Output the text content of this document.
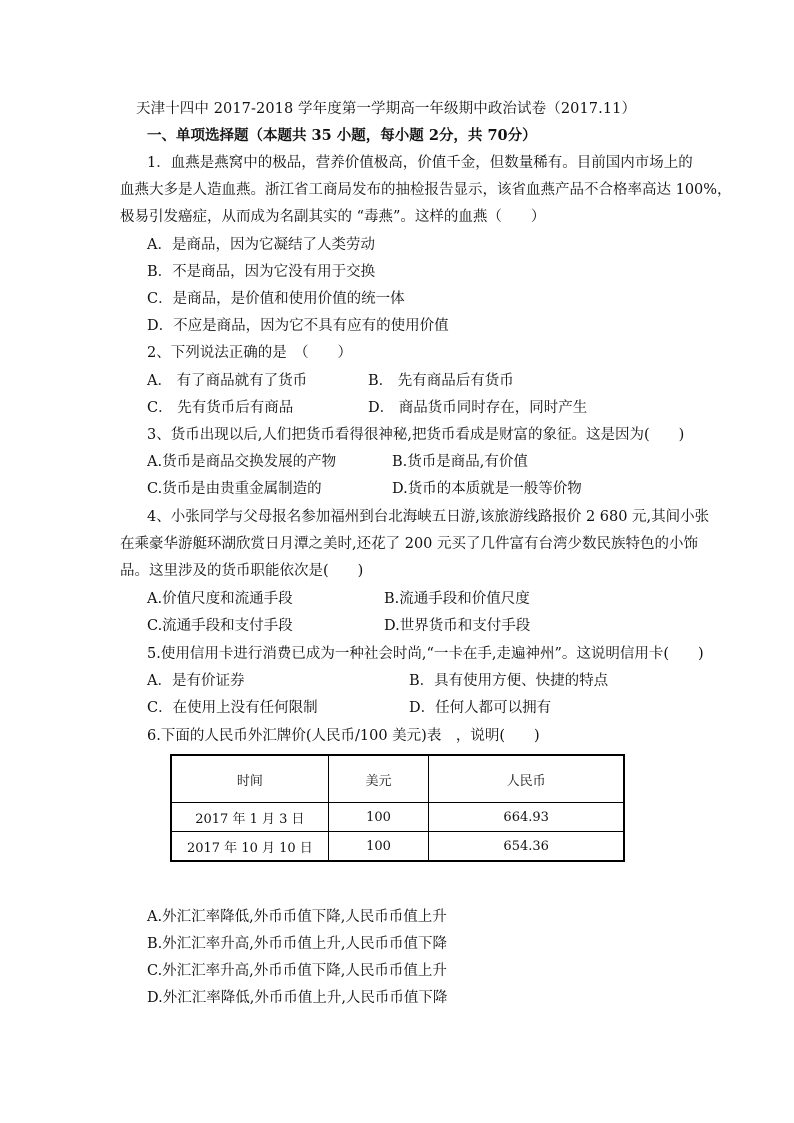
天津十四中 2017-2018 学年度第一学期高一年级期中政治试卷（2017.11）
一、单项选择题（本题共 35 小题，每小题 2分，共 70分）
1．血燕是燕窝中的极品，营养价值极高，价值千金，但数量稀有。目前国内市场上的
血燕大多是人造血燕。浙江省工商局发布的抽检报告显示，该省血燕产品不合格率高达 100%，
极易引发癌症，从而成为名副其实的 “毒燕”。这样的血燕（　　）
A．是商品，因为它凝结了人类劳动
B．不是商品，因为它没有用于交换
C．是商品，是价值和使用价值的统一体
D．不应是商品，因为它不具有应有的使用价值
2、下列说法正确的是　（　　）
A． 有了商品就有了货币	B． 先有商品后有货币
C． 先有货币后有商品	D． 商品货币同时存在，同时产生
3、货币出现以后,人们把货币看得很神秘,把货币看成是财富的象征。这是因为(　　)
A.货币是商品交换发展的产物	B.货币是商品,有价值
C.货币是由贵重金属制造的	D.货币的本质就是一般等价物
4、小张同学与父母报名参加福州到台北海峡五日游,该旅游线路报价 2 680 元,其间小张
在乘豪华游艇环湖欣赏日月潭之美时,还花了 200 元买了几件富有台湾少数民族特色的小饰
品。这里涉及的货币职能依次是(　　)
A.价值尺度和流通手段	B.流通手段和价值尺度
C.流通手段和支付手段	D.世界货币和支付手段
5.使用信用卡进行消费已成为一种社会时尚,“一卡在手,走遍神州”。这说明信用卡(　　)
A．是有价证券	B．具有使用方便、快捷的特点
C．在使用上没有任何限制	D．任何人都可以拥有
6.下面的人民币外汇牌价(人民币/100 美元)表　，说明(　　)
时间	美元	人民币
2017 年 1 月 3 日	100	664.93
2017 年 10 月 10 日	100	654.36
A.外汇汇率降低,外币币值下降,人民币币值上升
B.外汇汇率升高,外币币值上升,人民币币值下降
C.外汇汇率升高,外币币值下降,人民币币值上升
D.外汇汇率降低,外币币值上升,人民币币值下降
